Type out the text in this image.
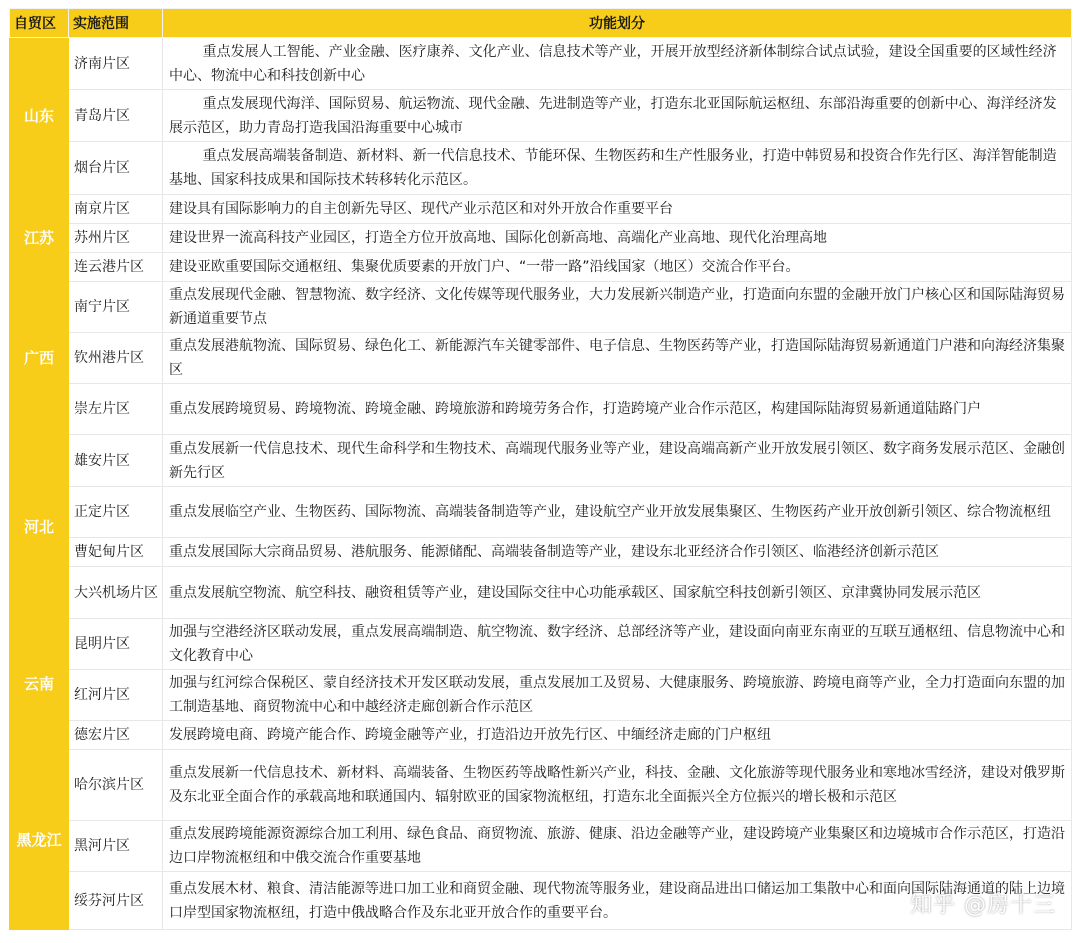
自贸区	实施范围	功能划分
山东	济南片区	重点发展人工智能、产业金融、医疗康养、文化产业、信息技术等产业，开展开放型经济新体制综合试点试验，建设全国重要的区域性经济中心、物流中心和科技创新中心
	青岛片区	重点发展现代海洋、国际贸易、航运物流、现代金融、先进制造等产业，打造东北亚国际航运枢纽、东部沿海重要的创新中心、海洋经济发展示范区，助力青岛打造我国沿海重要中心城市
	烟台片区	重点发展高端装备制造、新材料、新一代信息技术、节能环保、生物医药和生产性服务业，打造中韩贸易和投资合作先行区、海洋智能制造基地、国家科技成果和国际技术转移转化示范区。
江苏	南京片区	建设具有国际影响力的自主创新先导区、现代产业示范区和对外开放合作重要平台
	苏州片区	建设世界一流高科技产业园区，打造全方位开放高地、国际化创新高地、高端化产业高地、现代化治理高地
	连云港片区	建设亚欧重要国际交通枢纽、集聚优质要素的开放门户、“一带一路”沿线国家（地区）交流合作平台。
广西	南宁片区	重点发展现代金融、智慧物流、数字经济、文化传媒等现代服务业，大力发展新兴制造产业，打造面向东盟的金融开放门户核心区和国际陆海贸易新通道重要节点
	钦州港片区	重点发展港航物流、国际贸易、绿色化工、新能源汽车关键零部件、电子信息、生物医药等产业，打造国际陆海贸易新通道门户港和向海经济集聚区
	崇左片区	重点发展跨境贸易、跨境物流、跨境金融、跨境旅游和跨境劳务合作，打造跨境产业合作示范区，构建国际陆海贸易新通道陆路门户
河北	雄安片区	重点发展新一代信息技术、现代生命科学和生物技术、高端现代服务业等产业，建设高端高新产业开放发展引领区、数字商务发展示范区、金融创新先行区
	正定片区	重点发展临空产业、生物医药、国际物流、高端装备制造等产业，建设航空产业开放发展集聚区、生物医药产业开放创新引领区、综合物流枢纽
	曹妃甸片区	重点发展国际大宗商品贸易、港航服务、能源储配、高端装备制造等产业，建设东北亚经济合作引领区、临港经济创新示范区
	大兴机场片区	重点发展航空物流、航空科技、融资租赁等产业，建设国际交往中心功能承载区、国家航空科技创新引领区、京津冀协同发展示范区
云南	昆明片区	加强与空港经济区联动发展，重点发展高端制造、航空物流、数字经济、总部经济等产业，建设面向南亚东南亚的互联互通枢纽、信息物流中心和文化教育中心
	红河片区	加强与红河综合保税区、蒙自经济技术开发区联动发展，重点发展加工及贸易、大健康服务、跨境旅游、跨境电商等产业，全力打造面向东盟的加工制造基地、商贸物流中心和中越经济走廊创新合作示范区
	德宏片区	发展跨境电商、跨境产能合作、跨境金融等产业，打造沿边开放先行区、中缅经济走廊的门户枢纽
黑龙江	哈尔滨片区	重点发展新一代信息技术、新材料、高端装备、生物医药等战略性新兴产业，科技、金融、文化旅游等现代服务业和寒地冰雪经济，建设对俄罗斯及东北亚全面合作的承载高地和联通国内、辐射欧亚的国家物流枢纽，打造东北全面振兴全方位振兴的增长极和示范区
	黑河片区	重点发展跨境能源资源综合加工利用、绿色食品、商贸物流、旅游、健康、沿边金融等产业，建设跨境产业集聚区和边境城市合作示范区，打造沿边口岸物流枢纽和中俄交流合作重要基地
	绥芬河片区	重点发展木材、粮食、清洁能源等进口加工业和商贸金融、现代物流等服务业，建设商品进出口储运加工集散中心和面向国际陆海通道的陆上边境口岸型国家物流枢纽，打造中俄战略合作及东北亚开放合作的重要平台。	知乎 @房十三
